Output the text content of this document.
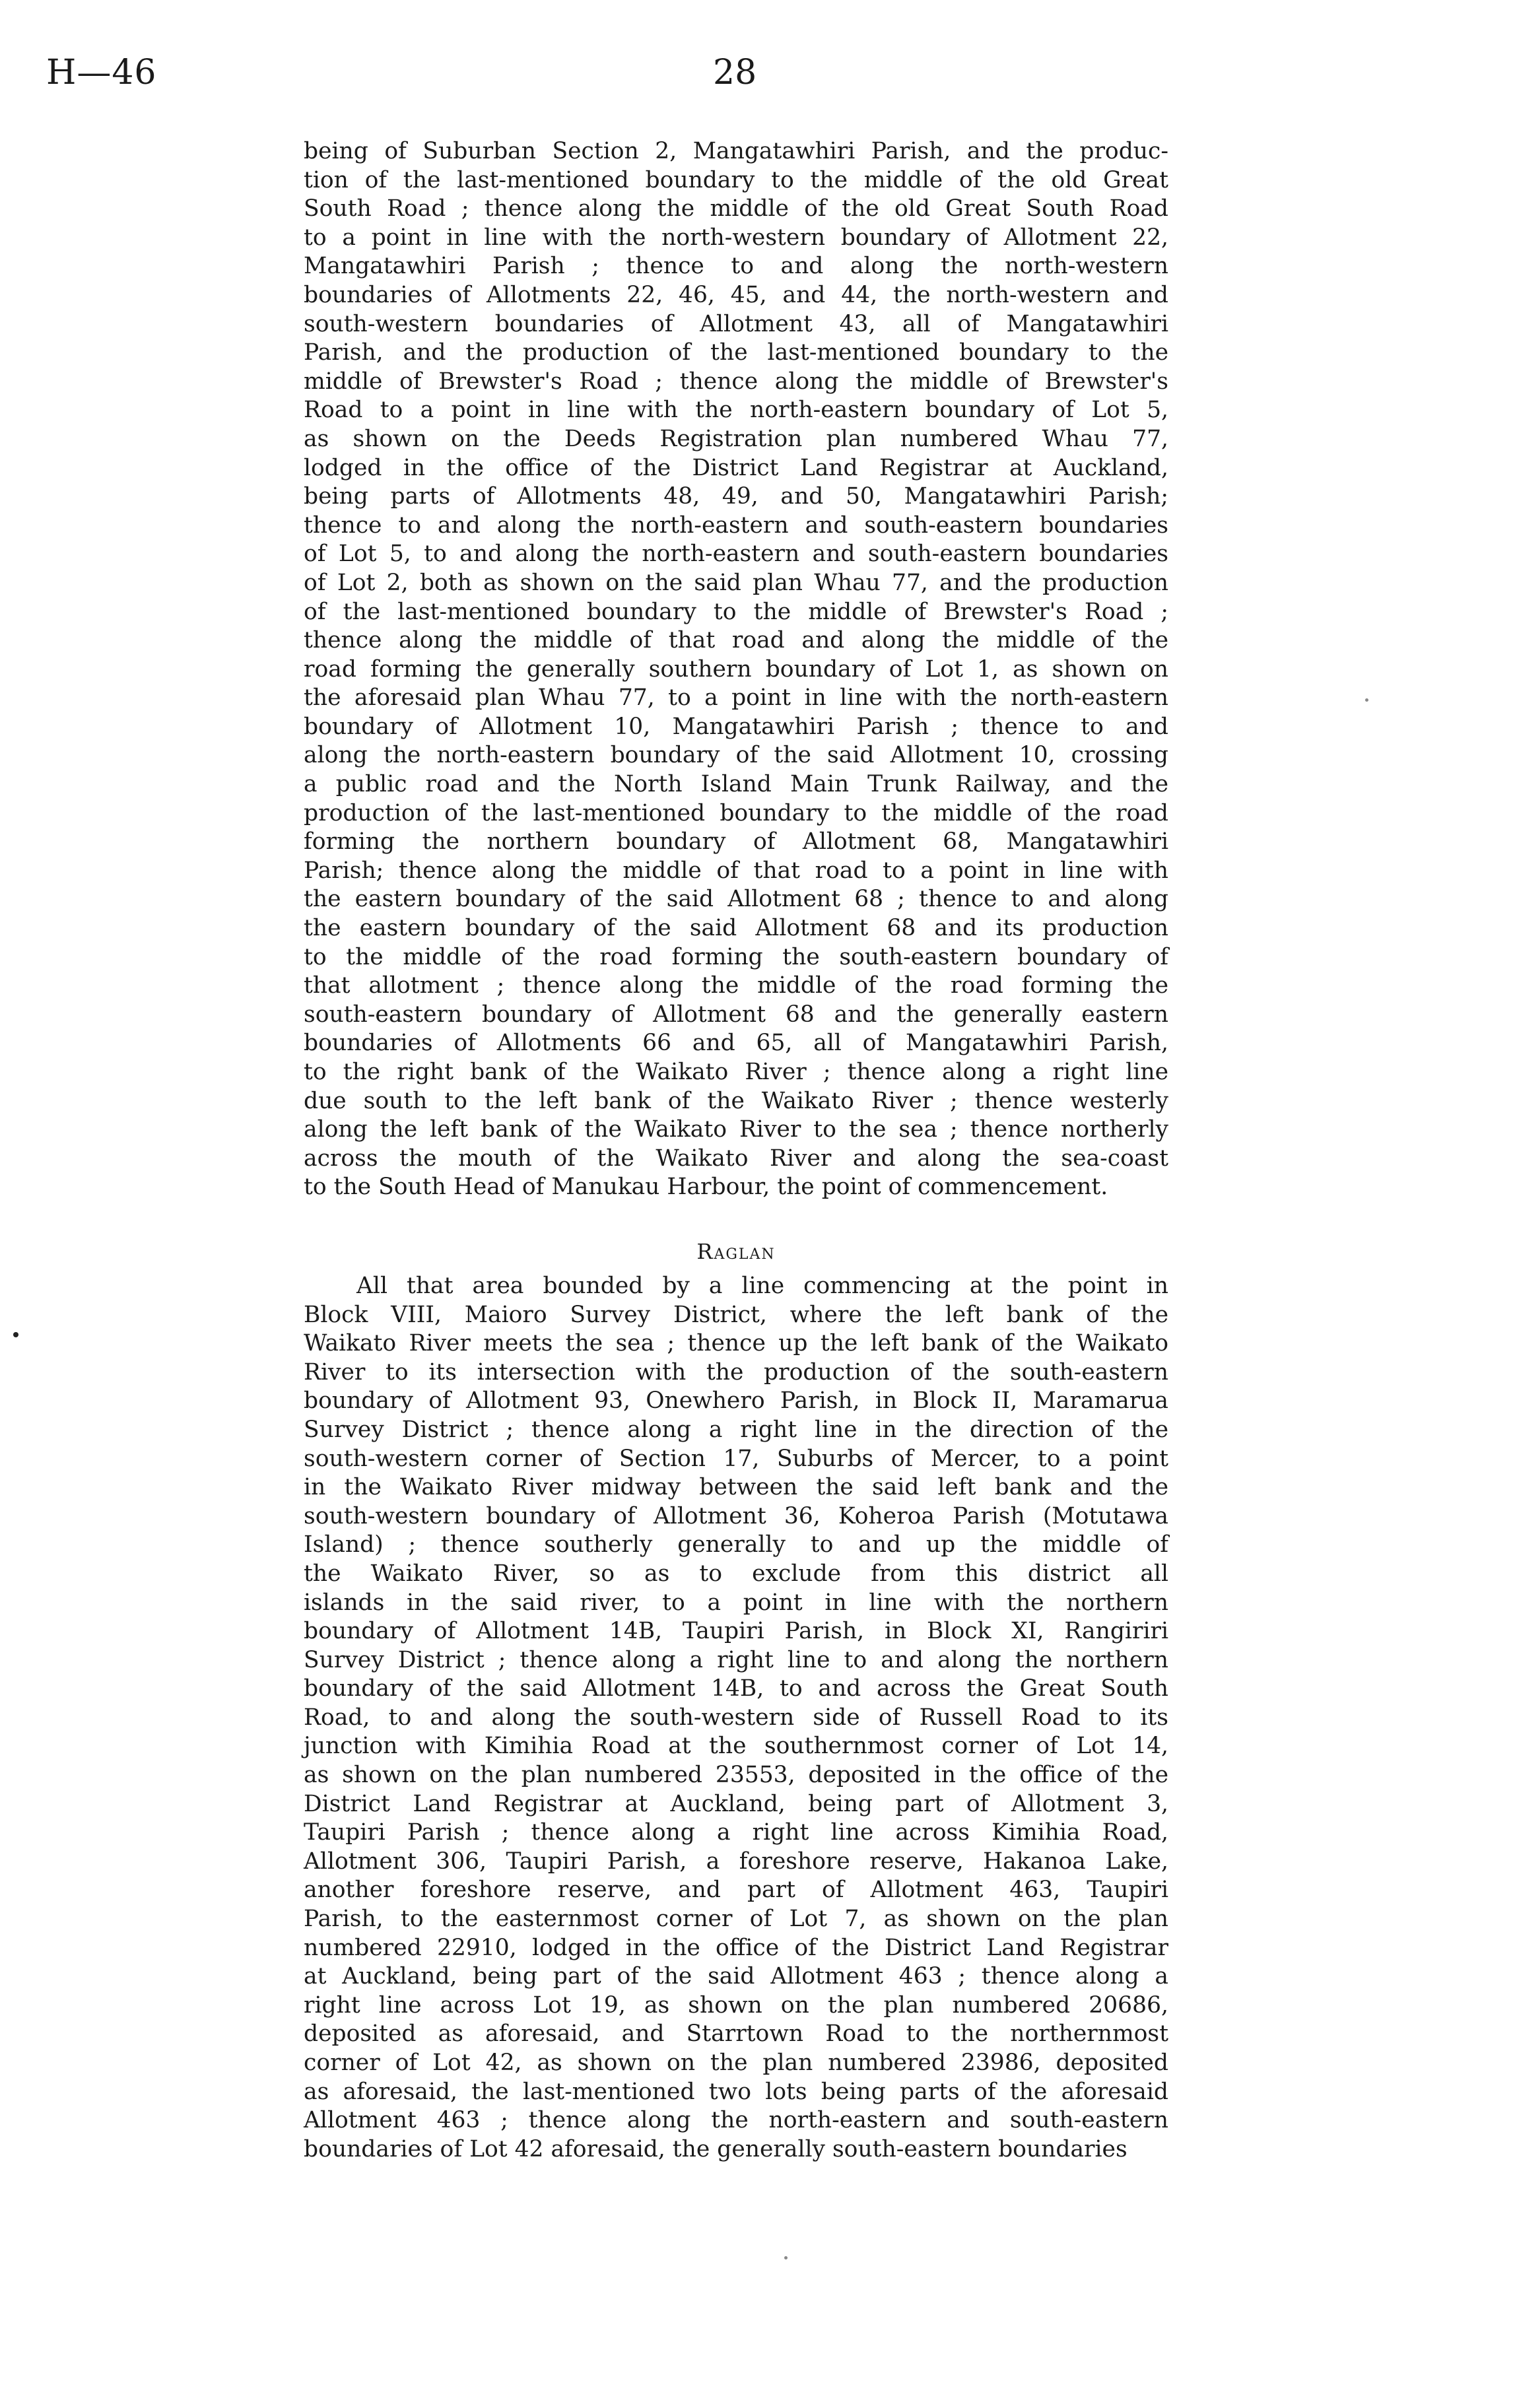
H—46	28
being of Suburban Section 2, Mangatawhiri Parish, and the produc-
tion of the last-mentioned boundary to the middle of the old Great
South Road ; thence along the middle of the old Great South Road
to a point in line with the north-western boundary of Allotment 22,
Mangatawhiri Parish ; thence to and along the north-western
boundaries of Allotments 22, 46, 45, and 44, the north-western and
south-western boundaries of Allotment 43, all of Mangatawhiri
Parish, and the production of the last-mentioned boundary to the
middle of Brewster's Road ; thence along the middle of Brewster's
Road to a point in line with the north-eastern boundary of Lot 5,
as shown on the Deeds Registration plan numbered Whau 77,
lodged in the office of the District Land Registrar at Auckland,
being parts of Allotments 48, 49, and 50, Mangatawhiri Parish;
thence to and along the north-eastern and south-eastern boundaries
of Lot 5, to and along the north-eastern and south-eastern boundaries
of Lot 2, both as shown on the said plan Whau 77, and the production
of the last-mentioned boundary to the middle of Brewster's Road ;
thence along the middle of that road and along the middle of the
road forming the generally southern boundary of Lot 1, as shown on
the aforesaid plan Whau 77, to a point in line with the north-eastern
boundary of Allotment 10, Mangatawhiri Parish ; thence to and
along the north-eastern boundary of the said Allotment 10, crossing
a public road and the North Island Main Trunk Railway, and the
production of the last-mentioned boundary to the middle of the road
forming the northern boundary of Allotment 68, Mangatawhiri
Parish; thence along the middle of that road to a point in line with
the eastern boundary of the said Allotment 68 ; thence to and along
the eastern boundary of the said Allotment 68 and its production
to the middle of the road forming the south-eastern boundary of
that allotment ; thence along the middle of the road forming the
south-eastern boundary of Allotment 68 and the generally eastern
boundaries of Allotments 66 and 65, all of Mangatawhiri Parish,
to the right bank of the Waikato River ; thence along a right line
due south to the left bank of the Waikato River ; thence westerly
along the left bank of the Waikato River to the sea ; thence northerly
across the mouth of the Waikato River and along the sea-coast
to the South Head of Manukau Harbour, the point of commencement.
Raglan
All that area bounded by a line commencing at the point in
Block VIII, Maioro Survey District, where the left bank of the
Waikato River meets the sea ; thence up the left bank of the Waikato
River to its intersection with the production of the south-eastern
boundary of Allotment 93, Onewhero Parish, in Block II, Maramarua
Survey District ; thence along a right line in the direction of the
south-western corner of Section 17, Suburbs of Mercer, to a point
in the Waikato River midway between the said left bank and the
south-western boundary of Allotment 36, Koheroa Parish (Motutawa
Island) ; thence southerly generally to and up the middle of
the Waikato River, so as to exclude from this district all
islands in the said river, to a point in line with the northern
boundary of Allotment 14B, Taupiri Parish, in Block XI, Rangiriri
Survey District ; thence along a right line to and along the northern
boundary of the said Allotment 14B, to and across the Great South
Road, to and along the south-western side of Russell Road to its
junction with Kimihia Road at the southernmost corner of Lot 14,
as shown on the plan numbered 23553, deposited in the office of the
District Land Registrar at Auckland, being part of Allotment 3,
Taupiri Parish ; thence along a right line across Kimihia Road,
Allotment 306, Taupiri Parish, a foreshore reserve, Hakanoa Lake,
another foreshore reserve, and part of Allotment 463, Taupiri
Parish, to the easternmost corner of Lot 7, as shown on the plan
numbered 22910, lodged in the office of the District Land Registrar
at Auckland, being part of the said Allotment 463 ; thence along a
right line across Lot 19, as shown on the plan numbered 20686,
deposited as aforesaid, and Starrtown Road to the northernmost
corner of Lot 42, as shown on the plan numbered 23986, deposited
as aforesaid, the last-mentioned two lots being parts of the aforesaid
Allotment 463 ; thence along the north-eastern and south-eastern
boundaries of Lot 42 aforesaid, the generally south-eastern boundaries
